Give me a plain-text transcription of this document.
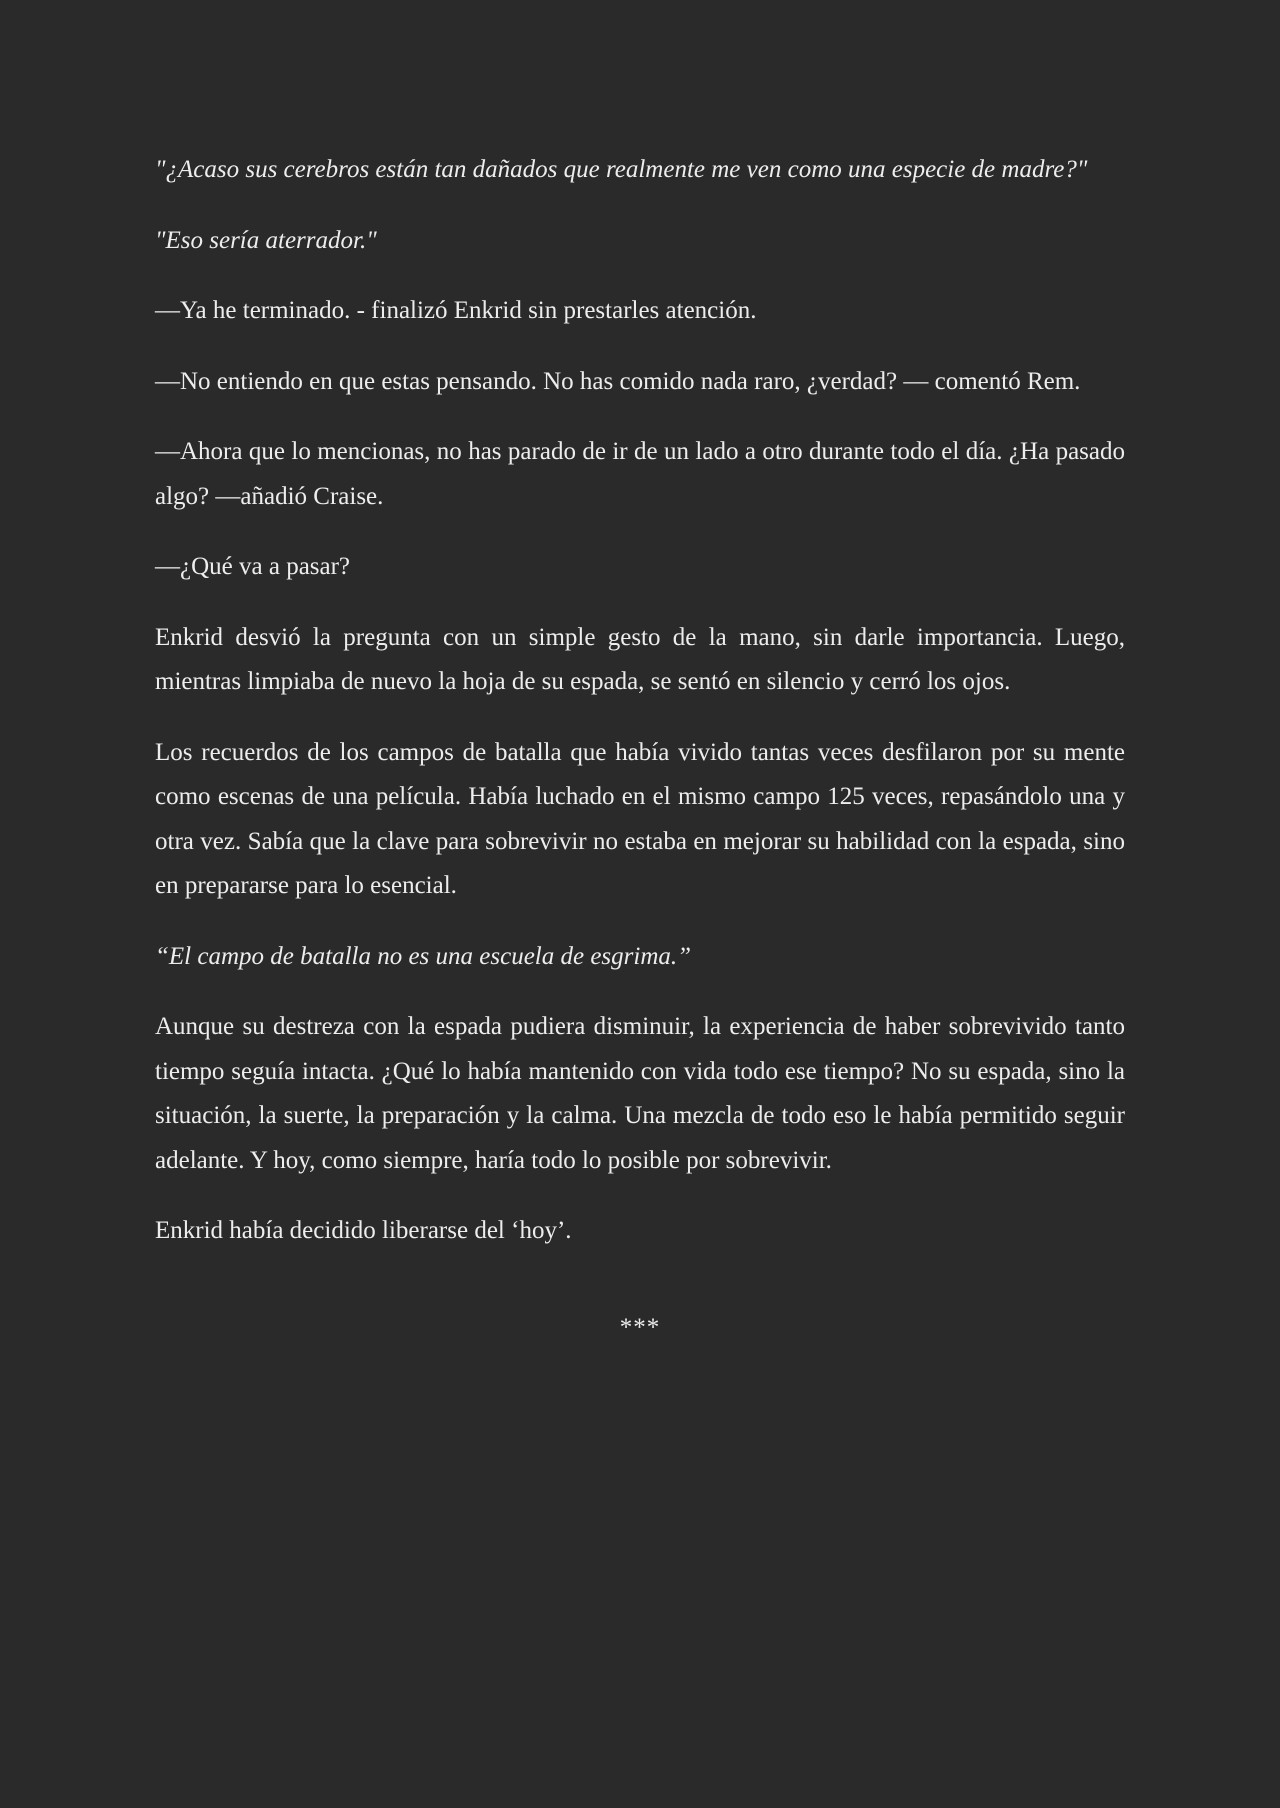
"¿Acaso sus cerebros están tan dañados que realmente me ven como una especie de madre?"

"Eso sería aterrador."

—Ya he terminado. - finalizó Enkrid sin prestarles atención.

—No entiendo en que estas pensando. No has comido nada raro, ¿verdad? — comentó Rem.

—Ahora que lo mencionas, no has parado de ir de un lado a otro durante todo el día. ¿Ha pasado algo? —añadió Craise.

—¿Qué va a pasar?

Enkrid desvió la pregunta con un simple gesto de la mano, sin darle importancia. Luego, mientras limpiaba de nuevo la hoja de su espada, se sentó en silencio y cerró los ojos.

Los recuerdos de los campos de batalla que había vivido tantas veces desfilaron por su mente como escenas de una película. Había luchado en el mismo campo 125 veces, repasándolo una y otra vez. Sabía que la clave para sobrevivir no estaba en mejorar su habilidad con la espada, sino en prepararse para lo esencial.

“El campo de batalla no es una escuela de esgrima.”

Aunque su destreza con la espada pudiera disminuir, la experiencia de haber sobrevivido tanto tiempo seguía intacta. ¿Qué lo había mantenido con vida todo ese tiempo? No su espada, sino la situación, la suerte, la preparación y la calma. Una mezcla de todo eso le había permitido seguir adelante. Y hoy, como siempre, haría todo lo posible por sobrevivir.

Enkrid había decidido liberarse del ‘hoy’.

***
